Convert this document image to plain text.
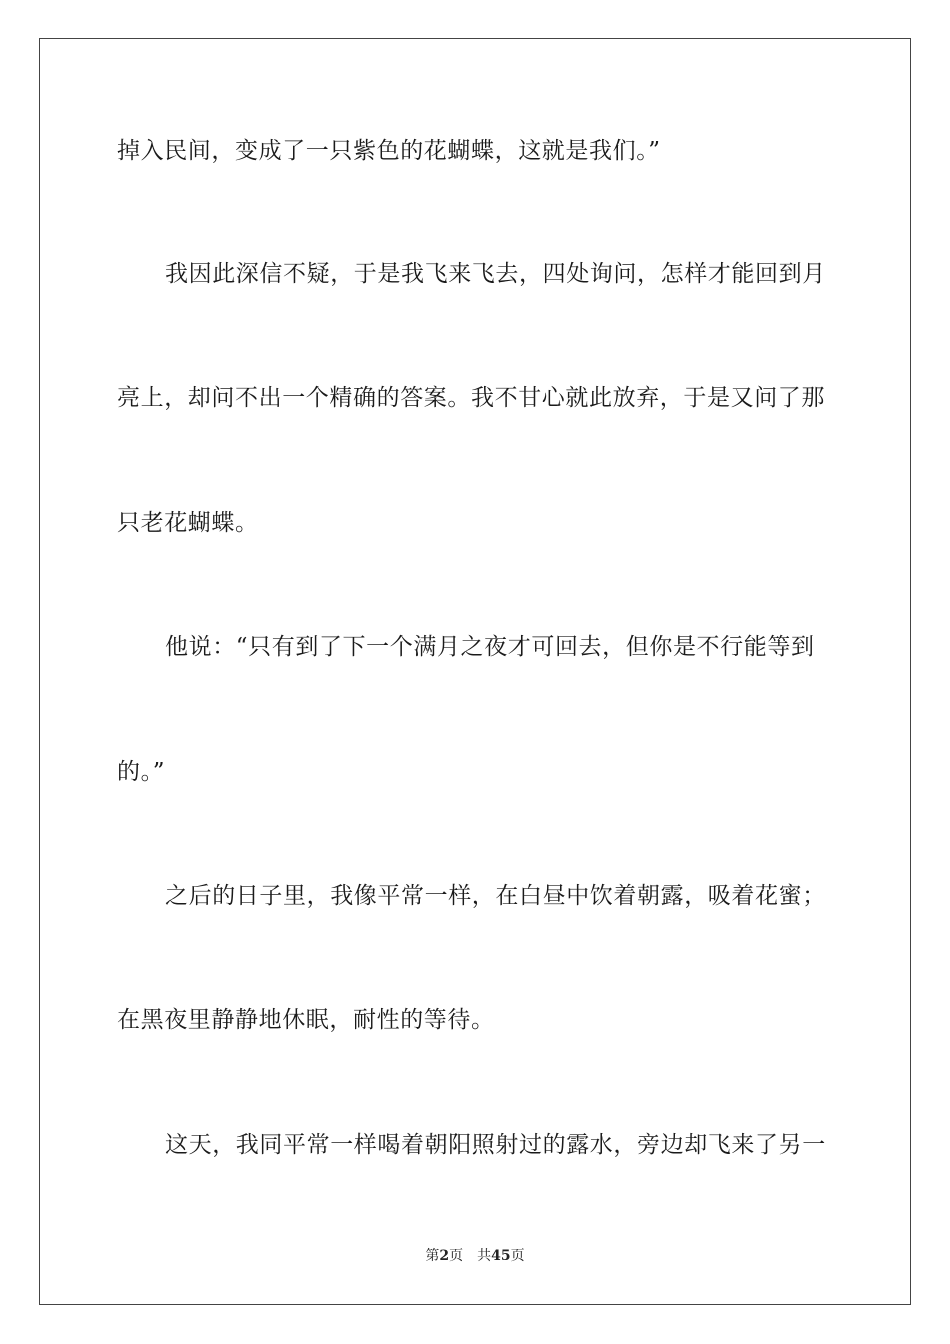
掉入民间，变成了一只紫色的花蝴蝶，这就是我们。”
我因此深信不疑，于是我飞来飞去，四处询问，怎样才能回到月
亮上，却问不出一个精确的答案。我不甘心就此放弃，于是又问了那
只老花蝴蝶。
他说：“只有到了下一个满月之夜才可回去，但你是不行能等到
的。”
之后的日子里，我像平常一样，在白昼中饮着朝露，吸着花蜜；
在黑夜里静静地休眠，耐性的等待。
这天，我同平常一样喝着朝阳照射过的露水，旁边却飞来了另一
第2页 共45页
